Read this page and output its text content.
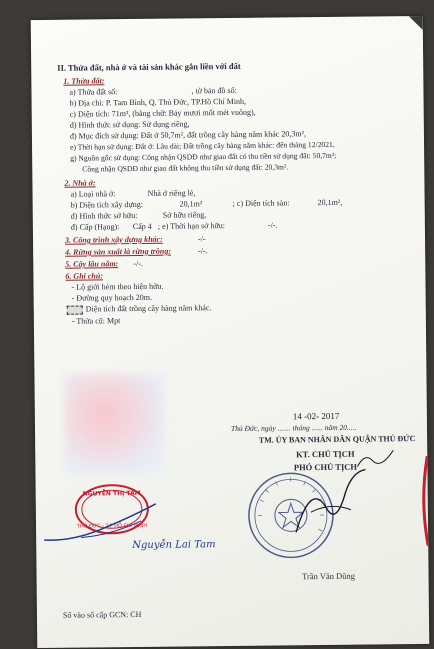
II. Thửa đất, nhà ở và tài sản khác gắn liền với đất
1. Thửa đất:
a) Thửa đất số:	, tờ bản đồ số:
b) Địa chỉ: P. Tam Bình, Q. Thủ Đức, TP.Hồ Chí Minh,
c) Diện tích: 71m², (bằng chữ: Bảy mươi mốt mét vuông),
d) Hình thức sử dụng: Sử dụng riêng,
đ) Mục đích sử dụng: Đất ở 50,7m², đất trồng cây hàng năm khác 20,3m²,
e) Thời hạn sử dụng: Đất ở: Lâu dài; Đất trồng cây hàng năm khác: đến tháng 12/2021,
g) Nguồn gốc sử dụng: Công nhận QSDĐ như giao đất có thu tiền sử dụng đất: 50,7m²;
Công nhận QSDĐ như giao đất không thu tiền sử dụng đất: 20,3m².
2. Nhà ở:
a) Loại nhà ở:	Nhà ở riêng lẻ,
b) Diện tích xây dựng:	20,1m²	; c) Diện tích sàn:	20,1m²,
d) Hình thức sở hữu:	Sở hữu riêng,
đ) Cấp (Hạng): Cấp 4 ; e) Thời hạn sở hữu:	-/-.
3. Công trình xây dựng khác:	-/-
4. Rừng sản xuất là rừng trồng:	-/-.
5. Cây lâu năm: -/-.
6. Ghi chú:
- Lộ giới hẻm theo hiện hữu.
- Đường quy hoạch 20m.
Diện tích đất trồng cây hàng năm khác.
- Thửa cũ: Mpt
14 -02- 2017
Thủ Đức, ngày ....... tháng ...... năm 20.....
TM. ỦY BAN NHÂN DÂN QUẬN THỦ ĐỨC
KT. CHỦ TỊCH
PHÓ CHỦ TỊCH
NGUYỄN THỊ TÂM
THỦ ĐỨC - T.P HỒ CHÍ MINH
Nguyễn Lai Tam
Trần Văn Dũng
Số vào sổ cấp GCN: CH
